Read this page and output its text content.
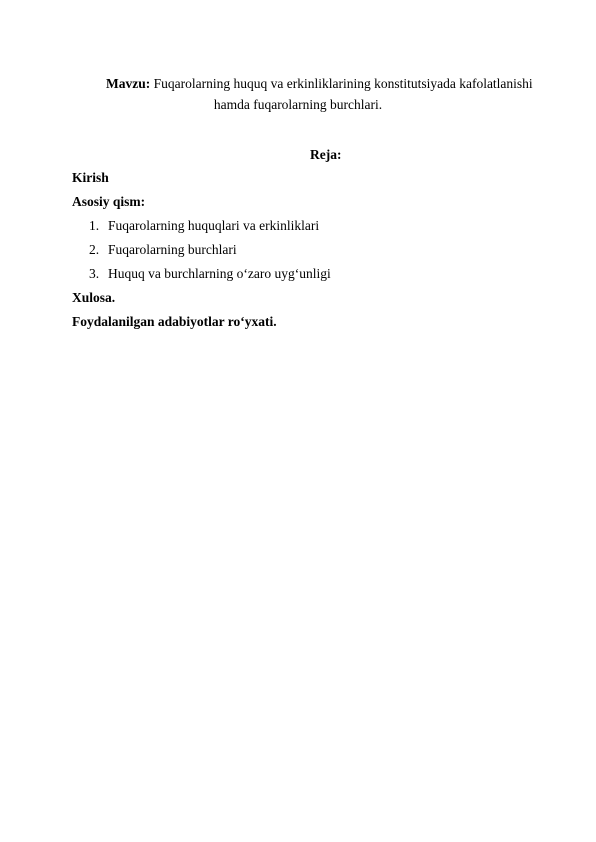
Mavzu: Fuqarolarning huquq va erkinliklarining konstitutsiyada kafolatlanishi
hamda fuqarolarning burchlari.
Reja:
Kirish
Asosiy qism:
1. Fuqarolarning huquqlari va erkinliklari
2. Fuqarolarning burchlari
3. Huquq va burchlarning o‘zaro uyg‘unligi
Xulosa.
Foydalanilgan adabiyotlar ro‘yxati.
